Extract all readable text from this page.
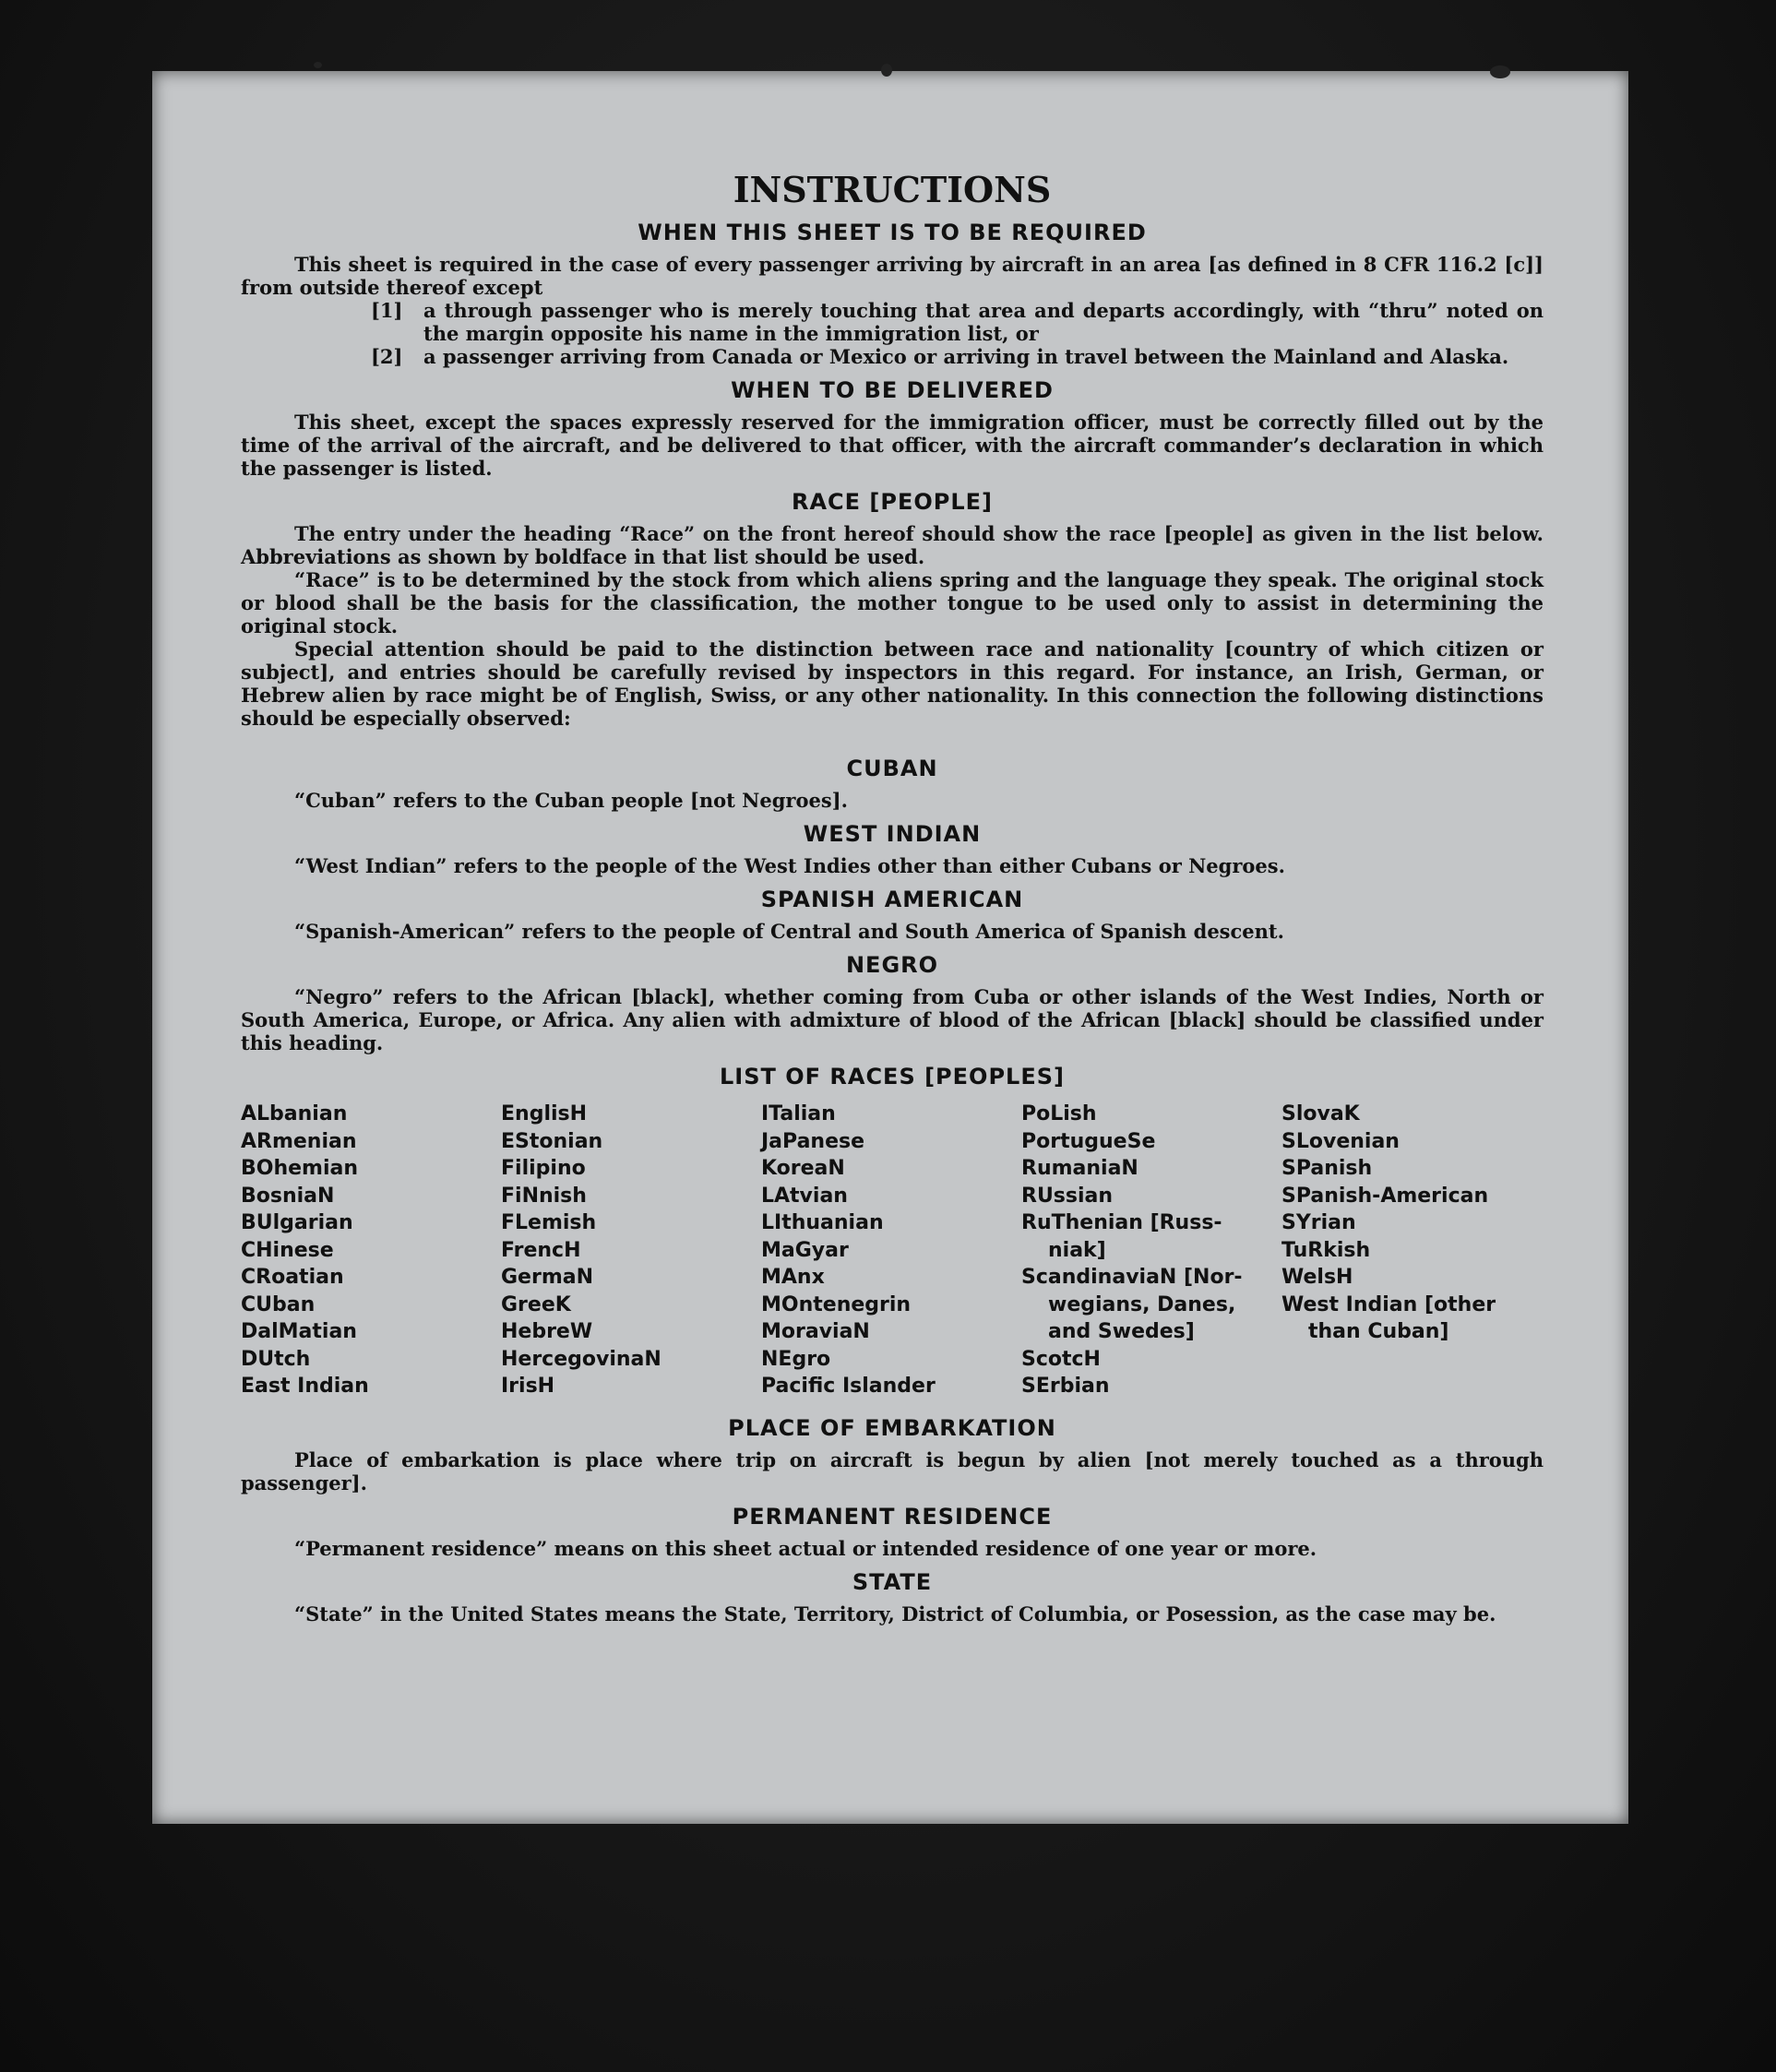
INSTRUCTIONS
WHEN THIS SHEET IS TO BE REQUIRED

This sheet is required in the case of every passenger arriving by aircraft in an area [as defined in 8 CFR 116.2 [c]] from outside thereof except

[1] a through passenger who is merely touching that area and departs accordingly, with “thru” noted on the margin opposite his name in the immigration list, or
[2] a passenger arriving from Canada or Mexico or arriving in travel between the Mainland and Alaska.
WHEN TO BE DELIVERED

This sheet, except the spaces expressly reserved for the immigration officer, must be correctly filled out by the time of the arrival of the aircraft, and be delivered to that officer, with the aircraft commander’s declaration in which the passenger is listed.

RACE [PEOPLE]

The entry under the heading “Race” on the front hereof should show the race [people] as given in the list below. Abbreviations as shown by boldface in that list should be used.

“Race” is to be determined by the stock from which aliens spring and the language they speak. The original stock or blood shall be the basis for the classification, the mother tongue to be used only to assist in determining the original stock.

Special attention should be paid to the distinction between race and nationality [country of which citizen or subject], and entries should be carefully revised by inspectors in this regard. For instance, an Irish, German, or Hebrew alien by race might be of English, Swiss, or any other nationality. In this connection the following distinctions should be especially observed:

CUBAN

“Cuban” refers to the Cuban people [not Negroes].

WEST INDIAN

“West Indian” refers to the people of the West Indies other than either Cubans or Negroes.

SPANISH AMERICAN

“Spanish-American” refers to the people of Central and South America of Spanish descent.

NEGRO

“Negro” refers to the African [black], whether coming from Cuba or other islands of the West Indies, North or South America, Europe, or Africa. Any alien with admixture of blood of the African [black] should be classified under this heading.

LIST OF RACES [PEOPLES]
ALbanian
ARmenian
BOhemian
BosniaN
BUlgarian
CHinese
CRoatian
CUban
DalMatian
DUtch
East Indian
EnglisH
EStonian
Filipino
FiNnish
FLemish
FrencH
GermaN
GreeK
HebreW
HercegovinaN
IrisH
ITalian
JaPanese
KoreaN
LAtvian
LIthuanian
MaGyar
MAnx
MOntenegrin
MoraviaN
NEgro
Pacific Islander
PoLish
PortugueSe
RumaniaN
RUssian
RuThenian [Russ-
niak]
ScandinaviaN [Nor-
wegians, Danes,
and Swedes]
ScotcH
SErbian
SlovaK
SLovenian
SPanish
SPanish-American
SYrian
TuRkish
WelsH
West Indian [other
than Cuban]
PLACE OF EMBARKATION

Place of embarkation is place where trip on aircraft is begun by alien [not merely touched as a through passenger].

PERMANENT RESIDENCE

“Permanent residence” means on this sheet actual or intended residence of one year or more.

STATE

“State” in the United States means the State, Territory, District of Columbia, or Posession, as the case may be.
